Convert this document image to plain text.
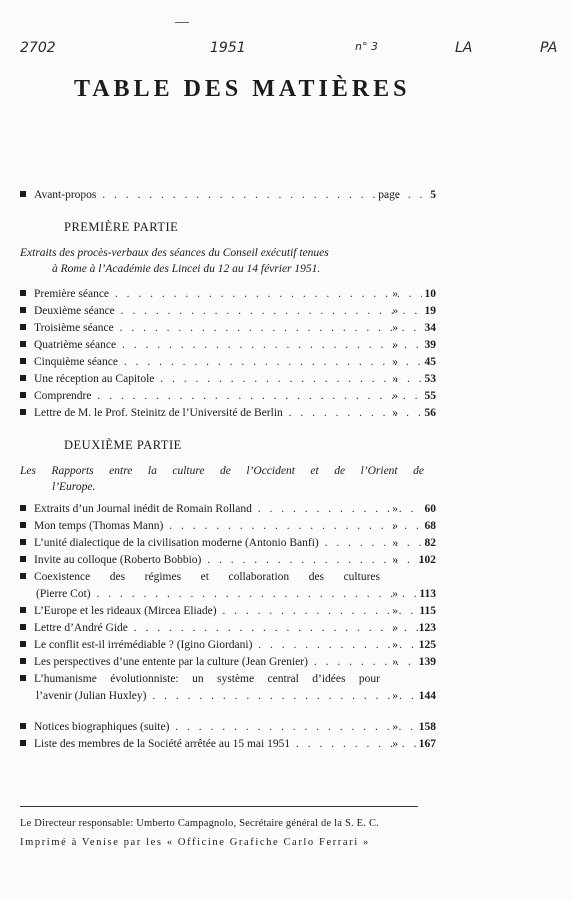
2702	1951	n° 3	LA	PA
TABLE DES MATIÈRES
Avant-propos . . .	page	5
PREMIÈRE PARTIE
Extraits des procès-verbaux des séances du Conseil exécutif tenues
à Rome à l’Académie des Lincei du 12 au 14 février 1951.
Première séance . . .	»	10
Deuxième séance . . .	»	19
Troisième séance . . .	»	34
Quatrième séance . . .	»	39
Cinquième séance . . .	»	45
Une réception au Capitole . . .	»	53
Comprendre . . .	»	55
Lettre de M. le Prof. Steinitz de l’Université de Berlin . . .	»	56
DEUXIÈME PARTIE
Les Rapports entre la culture de l’Occident et de l’Orient de
l’Europe.
Extraits d’un Journal inédit de Romain Rolland . . .	»	60
Mon temps (Thomas Mann) . . .	»	68
L’unité dialectique de la civilisation moderne (Antonio Banfi) . . .	»	82
Invite au colloque (Roberto Bobbio) . . .	»	102
Coexistence des régimes et collaboration des cultures
(Pierre Cot) . . .	»	113
L’Europe et les rideaux (Mircea Eliade) . . .	»	115
Lettre d’André Gide . . .	»	123
Le conflit est-il irrémédiable ? (Igino Giordani) . . .	»	125
Les perspectives d’une entente par la culture (Jean Grenier) . . .	»	139
L’humanisme évolutionniste: un système central d’idées pour
l’avenir (Julian Huxley) . . .	»	144
Notices biographiques (suite) . . .	»	158
Liste des membres de la Société arrêtée au 15 mai 1951 . . .	»	167
Le Directeur responsable: Umberto Campagnolo, Secrétaire général de la S. E. C.
Imprimé à Venise par les « Officine Grafiche Carlo Ferrari »
